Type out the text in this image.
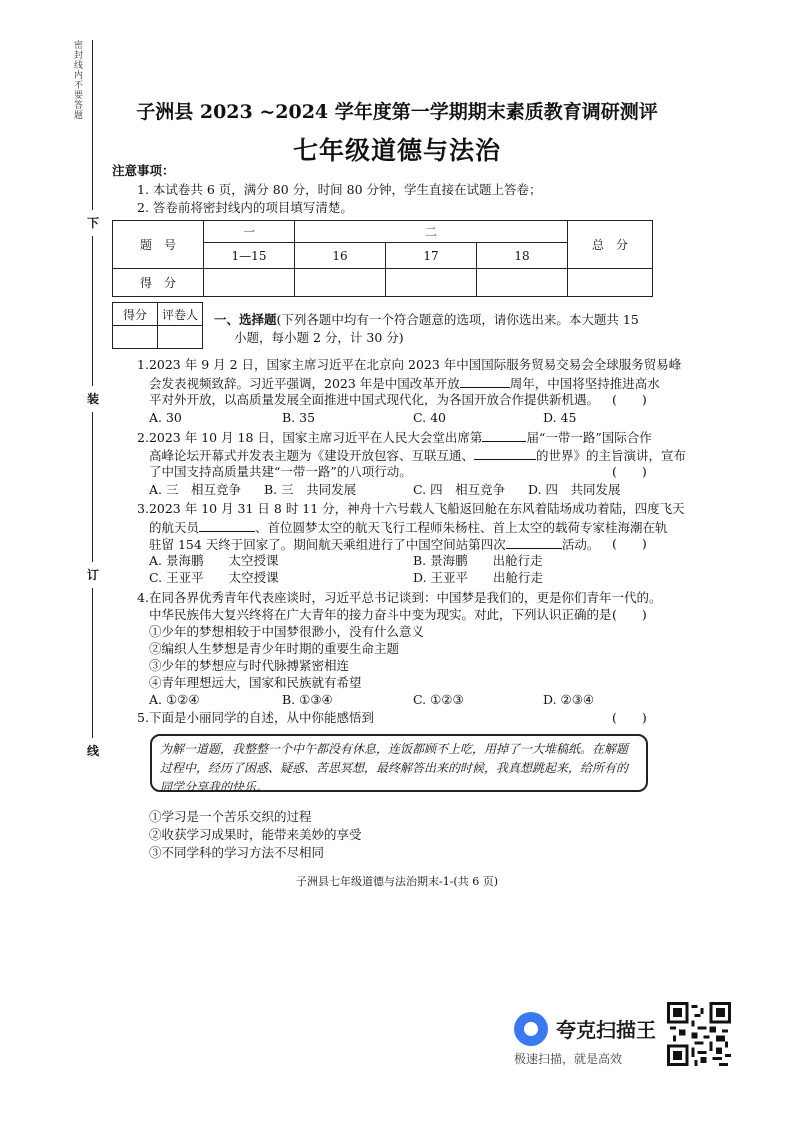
密封线内不要答题
下
装
订
线
子洲县 2023 ~2024 学年度第一学期期末素质教育调研测评
七年级道德与法治
注意事项：
1. 本试卷共 6 页，满分 80 分，时间 80 分钟，学生直接在试题上答卷；
2. 答卷前将密封线内的项目填写清楚。
题　号	一	二			总　分
	1—15	16	17	18	
得　分					
得分	评卷人
	一、选择题(下列各题中均有一个符合题意的选项，请你选出来。本大题共 15
小题，每小题 2 分，计 30 分)
1.2023 年 9 月 2 日，国家主席习近平在北京向 2023 年中国国际服务贸易交易会全球服务贸易峰
会发表视频致辞。习近平强调，2023 年是中国改革开放	周年，中国将坚持推进高水
平对外开放，以高质量发展全面推进中国式现代化，为各国开放合作提供新机遇。 (　　)
A. 30	B. 35	C. 40	D. 45
2.2023 年 10 月 18 日，国家主席习近平在人民大会堂出席第	届“一带一路”国际合作
高峰论坛开幕式并发表主题为《建设开放包容、互联互通、	的世界》的主旨演讲，宣布
了中国支持高质量共建“一带一路”的八项行动。	(　　)
A. 三　相互竞争 B. 三　共同发展	C. 四　相互竞争 D. 四　共同发展
3.2023 年 10 月 31 日 8 时 11 分，神舟十六号载人飞船返回舱在东风着陆场成功着陆，四度飞天
的航天员	、首位圆梦太空的航天飞行工程师朱杨柱、首上太空的载荷专家桂海潮在轨
驻留 154 天终于回家了。期间航天乘组进行了中国空间站第四次	活动。 (　　)
A. 景海鹏　　太空授课	B. 景海鹏　　出舱行走
C. 王亚平　　太空授课	D. 王亚平　　出舱行走
4.在同各界优秀青年代表座谈时，习近平总书记谈到：中国梦是我们的，更是你们青年一代的。
中华民族伟大复兴终将在广大青年的接力奋斗中变为现实。对此，下列认识正确的是 (　　)
①少年的梦想相较于中国梦很渺小，没有什么意义
②编织人生梦想是青少年时期的重要生命主题
③少年的梦想应与时代脉搏紧密相连
④青年理想远大，国家和民族就有希望
A. ①②④	B. ①③④	C. ①②③	D. ②③④
5.下面是小丽同学的自述，从中你能感悟到	(　　)
为解一道题，我整整一个中午都没有休息，连饭都顾不上吃，用掉了一大堆稿纸。在解题过程中，经历了困惑、疑惑、苦思冥想，最终解答出来的时候，我真想跳起来，给所有的同学分享我的快乐。
①学习是一个苦乐交织的过程
②收获学习成果时，能带来美妙的享受
③不同学科的学习方法不尽相同
子洲县七年级道德与法治期末-1-(共 6 页)
夸克扫描王
极速扫描，就是高效
